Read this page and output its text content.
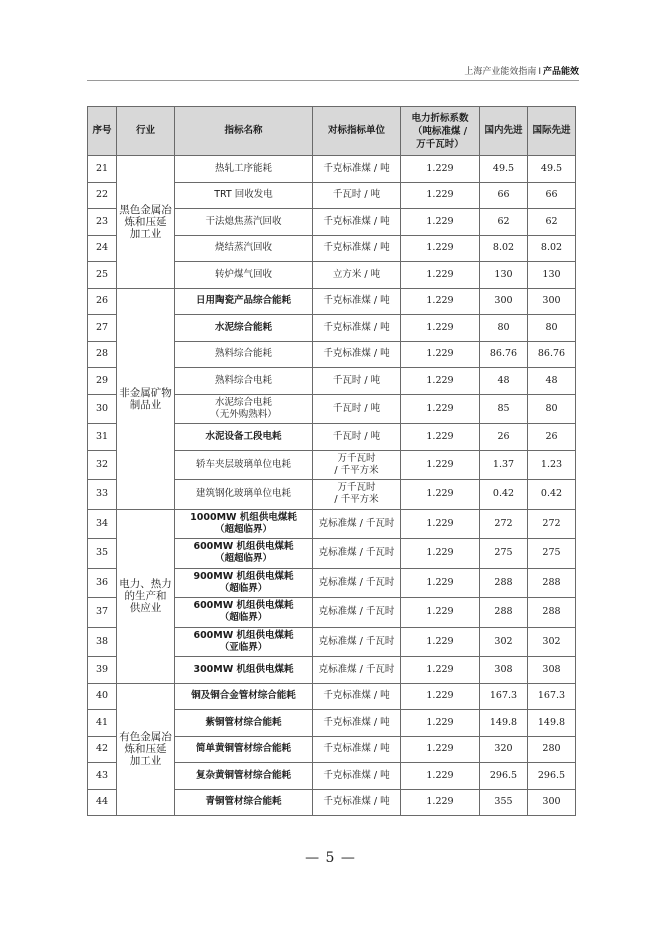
上海产业能效指南 I 产品能效
序号	行业	指标名称	对标指标单位	电力折标系数
（吨标准煤 /
万千瓦时）	国内先进	国际先进
21	黑色金属冶
炼和压延
加工业	热轧工序能耗	千克标准煤 / 吨	1.229	49.5	49.5
22		TRT 回收发电	千瓦时 / 吨	1.229	66	66
23		干法熄焦蒸汽回收	千克标准煤 / 吨	1.229	62	62
24		烧结蒸汽回收	千克标准煤 / 吨	1.229	8.02	8.02
25		转炉煤气回收	立方米 / 吨	1.229	130	130
26	非金属矿物
制品业	日用陶瓷产品综合能耗	千克标准煤 / 吨	1.229	300	300
27		水泥综合能耗	千克标准煤 / 吨	1.229	80	80
28		熟料综合能耗	千克标准煤 / 吨	1.229	86.76	86.76
29		熟料综合电耗	千瓦时 / 吨	1.229	48	48
30		水泥综合电耗
（无外购熟料）	千瓦时 / 吨	1.229	85	80
31		水泥设备工段电耗	千瓦时 / 吨	1.229	26	26
32		轿车夹层玻璃单位电耗	万千瓦时
/ 千平方米	1.229	1.37	1.23
33		建筑钢化玻璃单位电耗	万千瓦时
/ 千平方米	1.229	0.42	0.42
34	电力、热力
的生产和
供应业	1000MW 机组供电煤耗
（超超临界）	克标准煤 / 千瓦时	1.229	272	272
35		600MW 机组供电煤耗
（超超临界）	克标准煤 / 千瓦时	1.229	275	275
36		900MW 机组供电煤耗
（超临界）	克标准煤 / 千瓦时	1.229	288	288
37		600MW 机组供电煤耗
（超临界）	克标准煤 / 千瓦时	1.229	288	288
38		600MW 机组供电煤耗
（亚临界）	克标准煤 / 千瓦时	1.229	302	302
39		300MW 机组供电煤耗	克标准煤 / 千瓦时	1.229	308	308
40	有色金属冶
炼和压延
加工业	铜及铜合金管材综合能耗	千克标准煤 / 吨	1.229	167.3	167.3
41		紫铜管材综合能耗	千克标准煤 / 吨	1.229	149.8	149.8
42		简单黄铜管材综合能耗	千克标准煤 / 吨	1.229	320	280
43		复杂黄铜管材综合能耗	千克标准煤 / 吨	1.229	296.5	296.5
44		青铜管材综合能耗	千克标准煤 / 吨	1.229	355	300
— 5 —
